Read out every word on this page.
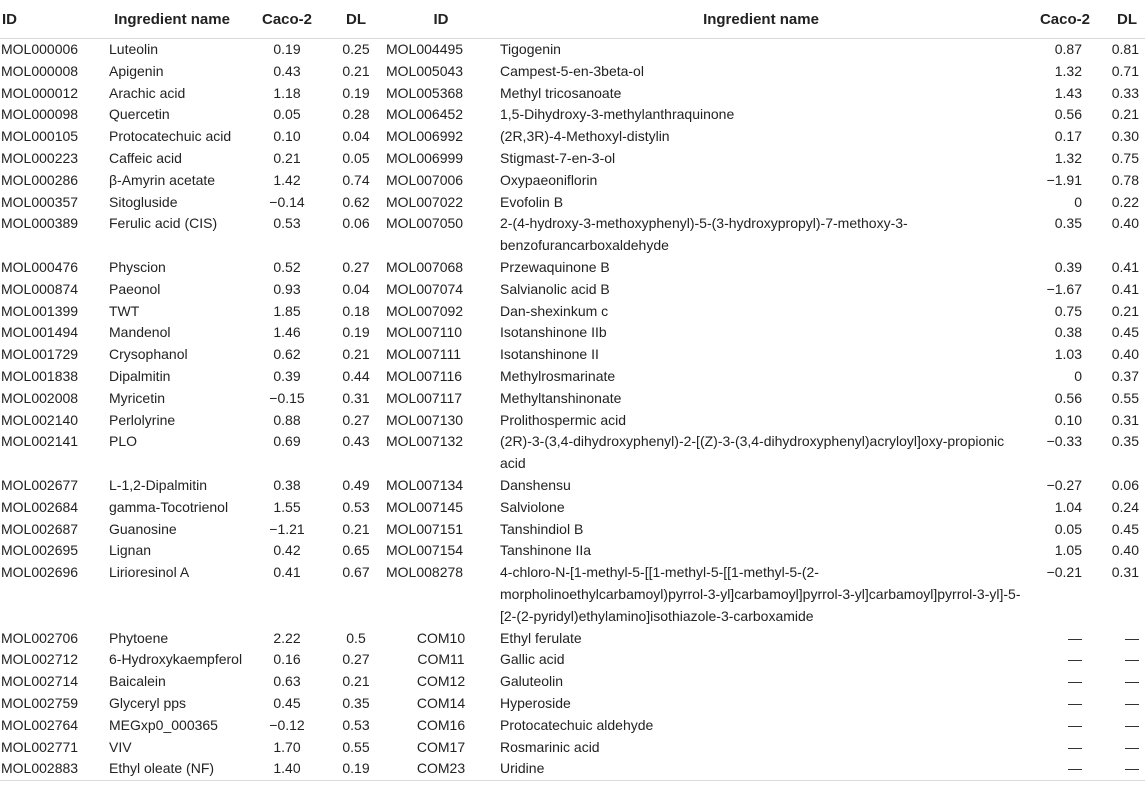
ID	Ingredient name	Caco-2	DL	ID	Ingredient name	Caco-2	DL
MOL000006	Luteolin	0.19	0.25	MOL004495	Tigogenin	0.87	0.81
MOL000008	Apigenin	0.43	0.21	MOL005043	Campest-5-en-3beta-ol	1.32	0.71
MOL000012	Arachic acid	1.18	0.19	MOL005368	Methyl tricosanoate	1.43	0.33
MOL000098	Quercetin	0.05	0.28	MOL006452	1,5-Dihydroxy-3-methylanthraquinone	0.56	0.21
MOL000105	Protocatechuic acid	0.10	0.04	MOL006992	(2R,3R)-4-Methoxyl-distylin	0.17	0.30
MOL000223	Caffeic acid	0.21	0.05	MOL006999	Stigmast-7-en-3-ol	1.32	0.75
MOL000286	β-Amyrin acetate	1.42	0.74	MOL007006	Oxypaeoniflorin	−1.91	0.78
MOL000357	Sitogluside	−0.14	0.62	MOL007022	Evofolin B	0	0.22
MOL000389	Ferulic acid (CIS)	0.53	0.06	MOL007050	2-(4-hydroxy-3-methoxyphenyl)-5-(3-hydroxypropyl)-7-methoxy-3-benzofurancarboxaldehyde	0.35	0.40
MOL000476	Physcion	0.52	0.27	MOL007068	Przewaquinone B	0.39	0.41
MOL000874	Paeonol	0.93	0.04	MOL007074	Salvianolic acid B	−1.67	0.41
MOL001399	TWT	1.85	0.18	MOL007092	Dan-shexinkum c	0.75	0.21
MOL001494	Mandenol	1.46	0.19	MOL007110	Isotanshinone IIb	0.38	0.45
MOL001729	Crysophanol	0.62	0.21	MOL007111	Isotanshinone II	1.03	0.40
MOL001838	Dipalmitin	0.39	0.44	MOL007116	Methylrosmarinate	0	0.37
MOL002008	Myricetin	−0.15	0.31	MOL007117	Methyltanshinonate	0.56	0.55
MOL002140	Perlolyrine	0.88	0.27	MOL007130	Prolithospermic acid	0.10	0.31
MOL002141	PLO	0.69	0.43	MOL007132	(2R)-3-(3,4-dihydroxyphenyl)-2-[(Z)-3-(3,4-dihydroxyphenyl)acryloyl]oxy-propionic acid	−0.33	0.35
MOL002677	L-1,2-Dipalmitin	0.38	0.49	MOL007134	Danshensu	−0.27	0.06
MOL002684	gamma-Tocotrienol	1.55	0.53	MOL007145	Salviolone	1.04	0.24
MOL002687	Guanosine	−1.21	0.21	MOL007151	Tanshindiol B	0.05	0.45
MOL002695	Lignan	0.42	0.65	MOL007154	Tanshinone IIa	1.05	0.40
MOL002696	Lirioresinol A	0.41	0.67	MOL008278	4-chloro-N-[1-methyl-5-[[1-methyl-5-[[1-methyl-5-(2-morpholinoethylcarbamoyl)pyrrol-3-yl]carbamoyl]pyrrol-3-yl]carbamoyl]pyrrol-3-yl]-5-[2-(2-pyridyl)ethylamino]isothiazole-3-carboxamide	−0.21	0.31
MOL002706	Phytoene	2.22	0.5	COM10	Ethyl ferulate	—	—
MOL002712	6-Hydroxykaempferol	0.16	0.27	COM11	Gallic acid	—	—
MOL002714	Baicalein	0.63	0.21	COM12	Galuteolin	—	—
MOL002759	Glyceryl pps	0.45	0.35	COM14	Hyperoside	—	—
MOL002764	MEGxp0_000365	−0.12	0.53	COM16	Protocatechuic aldehyde	—	—
MOL002771	VIV	1.70	0.55	COM17	Rosmarinic acid	—	—
MOL002883	Ethyl oleate (NF)	1.40	0.19	COM23	Uridine	—	—
